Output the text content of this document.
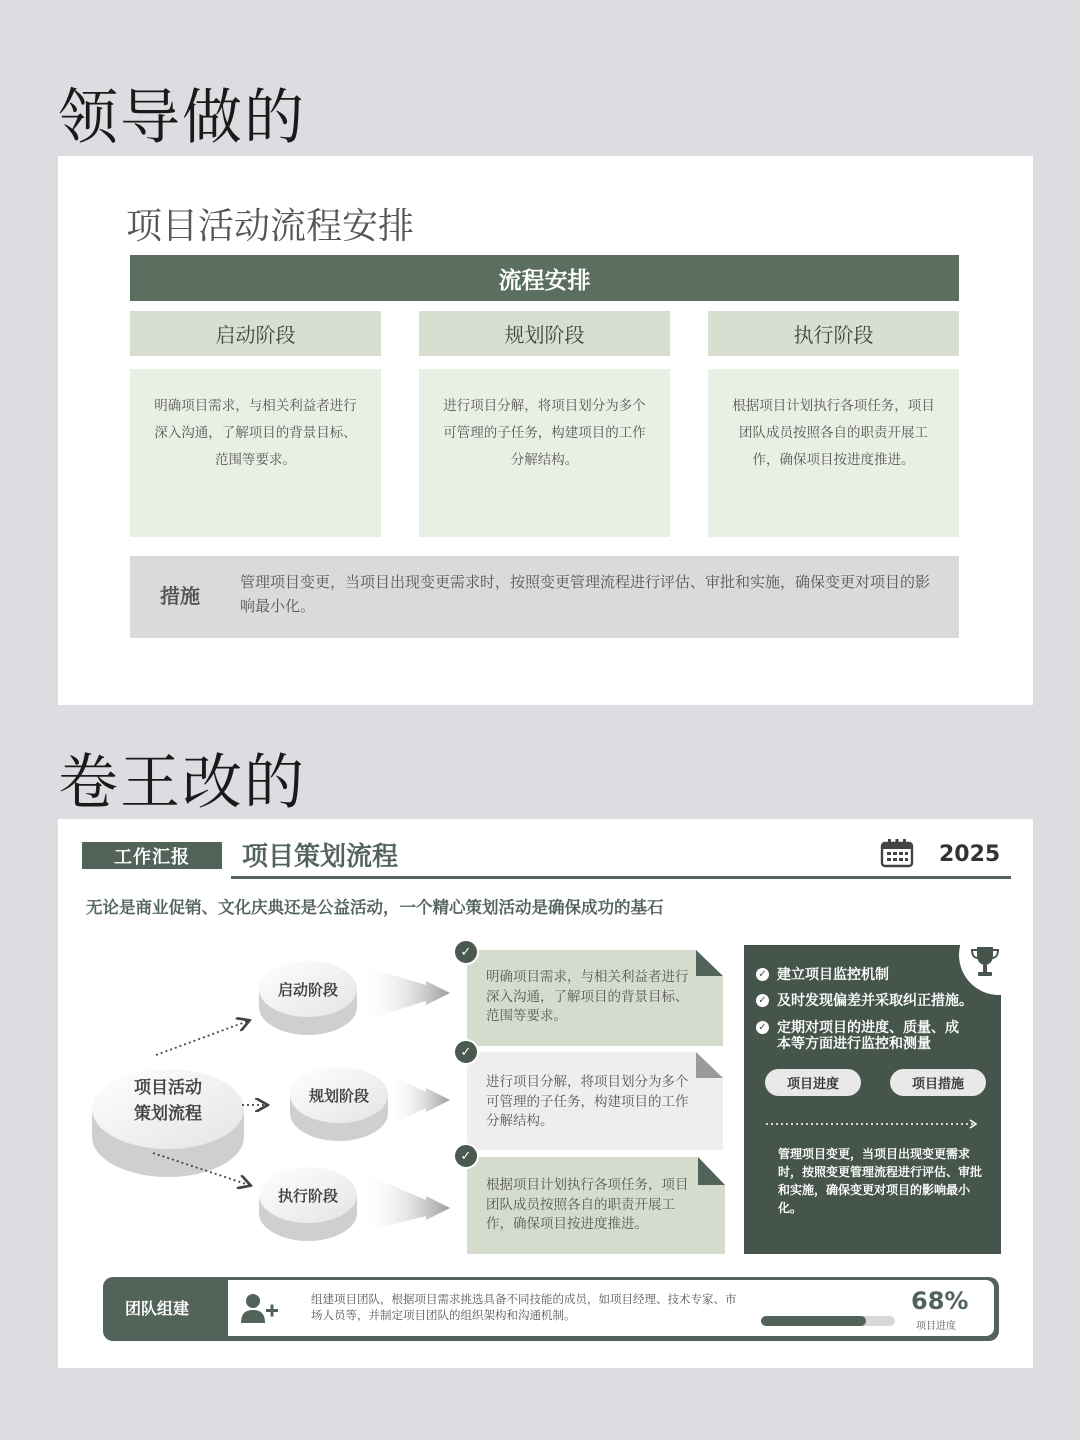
领导做的
项目活动流程安排
流程安排
启动阶段	规划阶段	执行阶段
明确项目需求，与相关利益者进行深入沟通，了解项目的背景目标、范围等要求。
进行项目分解，将项目划分为多个可管理的子任务，构建项目的工作分解结构。
根据项目计划执行各项任务，项目团队成员按照各自的职责开展工作，确保项目按进度推进。
措施
管理项目变更，当项目出现变更需求时，按照变更管理流程进行评估、审批和实施，确保变更对项目的影响最小化。
卷王改的
工作汇报	项目策划流程	2025
无论是商业促销、文化庆典还是公益活动，一个精心策划活动是确保成功的基石
项目活动
策划流程
启动阶段
规划阶段
执行阶段
✓
✓
✓
明确项目需求，与相关利益者进行深入沟通，了解项目的背景目标、范围等要求。
进行项目分解，将项目划分为多个可管理的子任务，构建项目的工作分解结构。
根据项目计划执行各项任务，项目团队成员按照各自的职责开展工作，确保项目按进度推进。
✓ 建立项目监控机制
✓ 及时发现偏差并采取纠正措施。
✓ 定期对项目的进度、质量、成本等方面进行监控和测量
项目进度	项目措施
管理项目变更，当项目出现变更需求时，按照变更管理流程进行评估、审批和实施，确保变更对项目的影响最小化。
团队组建	组建项目团队，根据项目需求挑选具备不同技能的成员，如项目经理、技术专家、市场人员等，并制定项目团队的组织架构和沟通机制。	68%
项目进度
